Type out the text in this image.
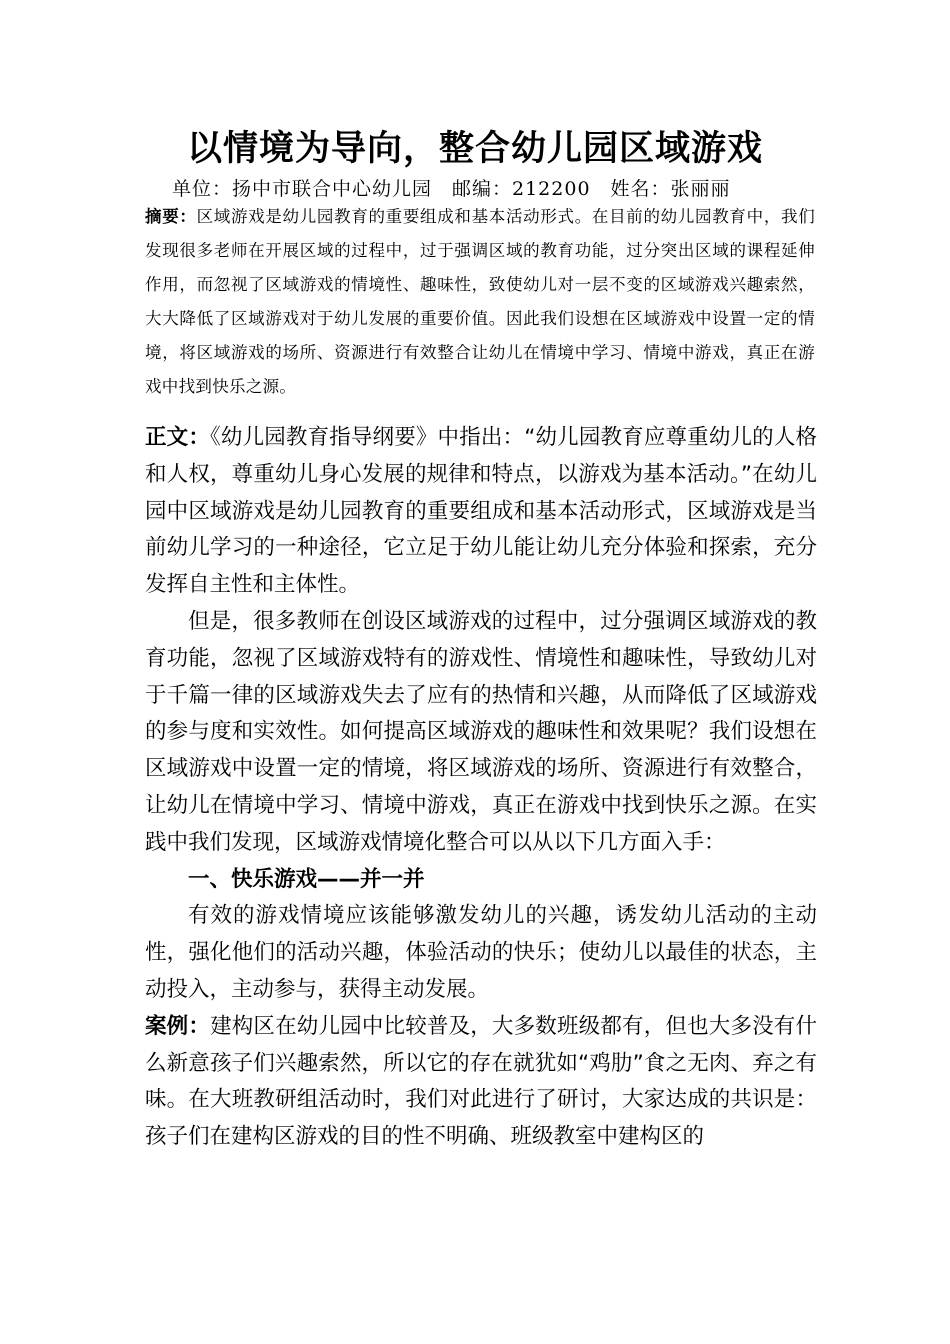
以情境为导向，整合幼儿园区域游戏
单位：扬中市联合中心幼儿园　邮编：212200　姓名：张丽丽
摘要：区域游戏是幼儿园教育的重要组成和基本活动形式。在目前的幼儿园教育中，我们发现很多老师在开展区域的过程中，过于强调区域的教育功能，过分突出区域的课程延伸作用，而忽视了区域游戏的情境性、趣味性，致使幼儿对一层不变的区域游戏兴趣索然，大大降低了区域游戏对于幼儿发展的重要价值。因此我们设想在区域游戏中设置一定的情境，将区域游戏的场所、资源进行有效整合让幼儿在情境中学习、情境中游戏，真正在游戏中找到快乐之源。

正文：《幼儿园教育指导纲要》中指出：“幼儿园教育应尊重幼儿的人格和人权，尊重幼儿身心发展的规律和特点，以游戏为基本活动。”在幼儿园中区域游戏是幼儿园教育的重要组成和基本活动形式，区域游戏是当前幼儿学习的一种途径，它立足于幼儿能让幼儿充分体验和探索，充分发挥自主性和主体性。

但是，很多教师在创设区域游戏的过程中，过分强调区域游戏的教育功能，忽视了区域游戏特有的游戏性、情境性和趣味性，导致幼儿对于千篇一律的区域游戏失去了应有的热情和兴趣，从而降低了区域游戏的参与度和实效性。如何提高区域游戏的趣味性和效果呢？我们设想在区域游戏中设置一定的情境，将区域游戏的场所、资源进行有效整合，让幼儿在情境中学习、情境中游戏，真正在游戏中找到快乐之源。在实践中我们发现，区域游戏情境化整合可以从以下几方面入手：

一、快乐游戏——并一并

有效的游戏情境应该能够激发幼儿的兴趣，诱发幼儿活动的主动性，强化他们的活动兴趣，体验活动的快乐；使幼儿以最佳的状态，主动投入，主动参与，获得主动发展。

案例：建构区在幼儿园中比较普及，大多数班级都有，但也大多没有什么新意孩子们兴趣索然，所以它的存在就犹如“鸡肋”食之无肉、弃之有味。在大班教研组活动时，我们对此进行了研讨，大家达成的共识是：孩子们在建构区游戏的目的性不明确、班级教室中建构区的
